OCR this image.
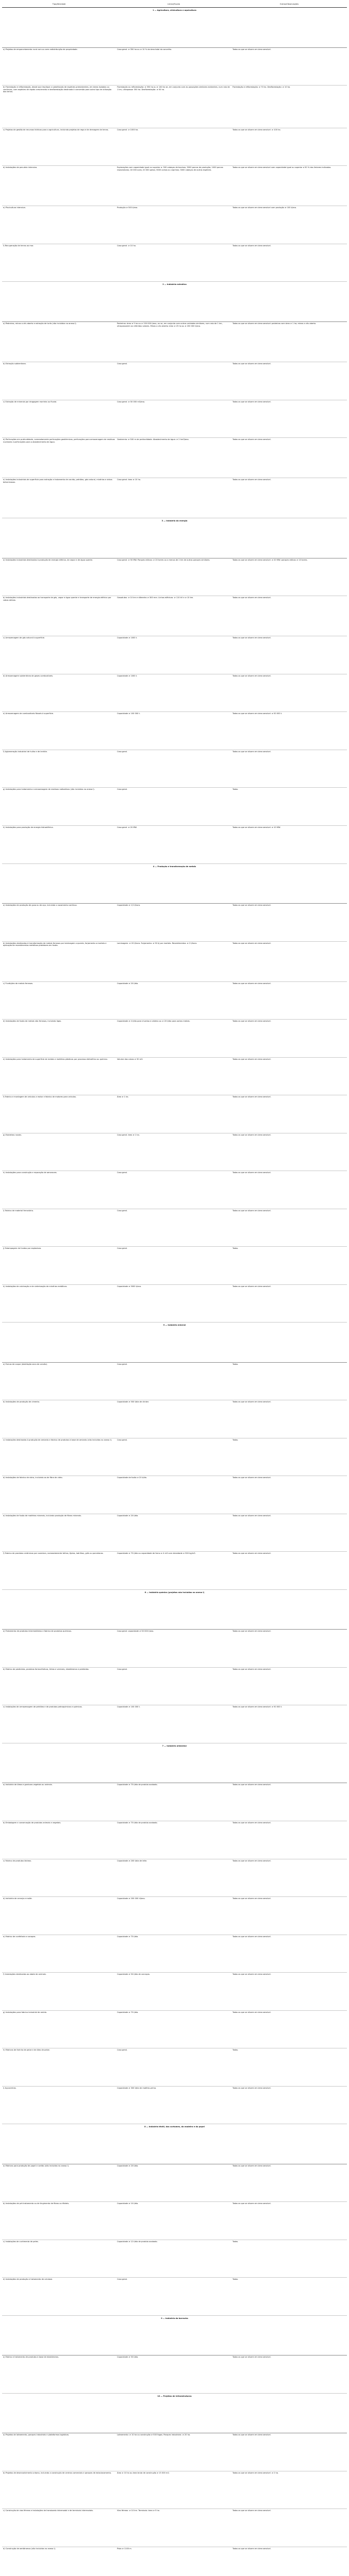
Tipo/Atividade	Limiar/Escala	Outras/Observações
1 — Agricultura, silvicultura e aquicultura		
a) Projetos de emparcelamento rural com ou sem redistribuição de propriedade.	Caso geral: ≥ 350 ha ou ≥ 10 % da área total do concelho.	Todos os que se situem em área sensível.
b) Florestação e reflorestação, desde que implique a substituição de espécies preexistentes, em áreas isoladas ou contínuas, com espécies de rápido crescimento e desflorestação destinada à conversão para outro tipo de utilização das terras.	Florestação ou reflorestação: ≥ 350 ha ou ≥ 140 ha se, em conjunto com as povoações similares existentes, num raio de 1 km, ultrapassar 350 ha. Desflorestação: ≥ 50 ha.	Florestação e reflorestação: ≥ 70 ha. Desflorestação: ≥ 10 ha.
c) Projetos de gestão de recursos hídricos para a agricultura, incluindo projetos de rega e de drenagem de terras.	Caso geral: ≥ 1000 ha.	Todos os que se situem em área sensível: ≥ 100 ha.
d) Instalações de pecuária intensiva.	Explorações com capacidade igual ou superior a: 500 cabeças de bovinos; 3000 porcos de produção; 1000 porcas reprodutoras; 40 000 aves; 20 000 patos; 3000 ovinos ou caprinos; 3000 cabeças de outras espécies.	Todos os que se situem em área sensível com capacidade igual ou superior a 50 % dos limiares indicados.
e) Piscicultura intensiva.	Produção ≥ 500 t/ano.	Todas as que se situem em área sensível com produção ≥ 100 t/ano.
f) Recuperação de terras ao mar.	Caso geral: ≥ 10 ha.	Todos os que se situem em área sensível.
2 — Indústria extrativa		
a) Pedreiras, minas a céu aberto e extração de turfa (não incluídos no anexo I).	Pedreiras: área ≥ 5 ha ou ≥ 150 000 t/ano, ou se, em conjunto com outras unidades similares, num raio de 1 km, ultrapassarem os referidos valores. Minas a céu aberto: área ≥ 25 ha ou ≥ 200 000 t/ano.	Todas as que se situem em área sensível: pedreiras com área ≥ 1 ha; minas a céu aberto.
b) Extração subterrânea.	Caso geral.	Todas as que se situem em área sensível.
c) Extração de minerais por dragagem marinha ou fluvial.	Caso geral: ≥ 50 000 m3/ano.	Todos os que se situem em área sensível.
d) Perfurações em profundidade, nomeadamente perfurações geotérmicas, perfurações para armazenagem de resíduos nucleares e perfurações para o abastecimento de água.	Geotermia: ≥ 500 m de profundidade. Abastecimento de água: ≥ 2 hm3/ano.	Todas as que se situem em área sensível.
e) Instalações industriais de superfície para extração e tratamento de carvão, petróleo, gás natural, minérios e xistos betuminosos.	Caso geral: área ≥ 10 ha.	Todas as que se situem em área sensível.
3 — Indústria da energia		
a) Instalações industriais destinadas à produção de energia elétrica, de vapor e de água quente.	Caso geral: ≥ 50 MW. Parques eólicos: ≥ 20 torres ou a menos de 2 km de outros parques similares.	Todas as que se situem em área sensível: ≥ 20 MW; parques eólicos ≥ 10 torres.
b) Instalações industriais destinadas ao transporte de gás, vapor e água quente e transporte de energia elétrica por cabos aéreos.	Gasodutos: ≥ 10 km e diâmetro ≥ 300 mm. Linhas elétricas: ≥ 110 kV e ≥ 10 km.	Todas as que se situem em área sensível.
c) Armazenagem de gás natural à superfície.	Capacidade ≥ 1000 t.	Todos os que se situem em área sensível.
d) Armazenagem subterrânea de gases combustíveis.	Capacidade ≥ 1000 t.	Todos os que se situem em área sensível.
e) Armazenagem de combustíveis fósseis à superfície.	Capacidade ≥ 100 000 t.	Todos os que se situem em área sensível: ≥ 50 000 t.
f) Aglomeração industrial de hulha e de lenhite.	Caso geral.	Todos os que se situem em área sensível.
g) Instalações para tratamento e armazenagem de resíduos radioativos (não incluídas no anexo I).	Caso geral.	Todas.
h) Instalações para produção de energia hidroelétrica.	Caso geral: ≥ 20 MW.	Todas as que se situem em área sensível: ≥ 10 MW.
4 — Produção e transformação de metais		
a) Instalações de produção de gusa ou de aço, incluindo o vazamento contínuo.	Capacidade ≥ 2,5 t/hora.	Todas as que se situem em área sensível.
b) Instalações destinadas à transformação de metais ferrosos por laminagem a quente, forjamento a martelo e aplicação de revestimentos metálicos protetores em fusão.	Laminagem: ≥ 20 t/hora. Forjamento: ≥ 50 kJ por martelo. Revestimentos: ≥ 2 t/hora.	Todas as que se situem em área sensível.
c) Fundições de metais ferrosos.	Capacidade ≥ 20 t/dia.	Todas as que se situem em área sensível.
d) Instalações de fusão de metais não ferrosos, incluindo ligas.	Capacidade ≥ 4 t/dia para chumbo e cádmio ou ≥ 20 t/dia para outros metais.	Todas as que se situem em área sensível.
e) Instalações para tratamento de superfície de metais e matérias plásticas por processo eletrolítico ou químico.	Volume das cubas ≥ 30 m3.	Todas as que se situem em área sensível.
f) Fabrico e montagem de veículos a motor e fabrico de motores para veículos.	Área ≥ 1 ha.	Todos os que se situem em área sensível.
g) Estaleiros navais.	Caso geral: área ≥ 1 ha.	Todos os que se situem em área sensível.
h) Instalações para construção e reparação de aeronaves.	Caso geral.	Todas as que se situem em área sensível.
i) Fabrico de material ferroviário.	Caso geral.	Todos os que se situem em área sensível.
j) Estampagem de fundos por explosivos.	Caso geral.	Todos.
k) Instalações de calcinação e de sinterização de minérios metálicos.	Capacidade ≥ 5000 t/ano.	Todas as que se situem em área sensível.
5 — Indústria mineral		
a) Fornos de coque (destilação seca de carvão).	Caso geral.	Todos.
b) Instalações de produção de cimento.	Capacidade ≥ 500 t/dia de clinker.	Todas as que se situem em área sensível.
c) Instalações destinadas à produção de amianto e fabrico de produtos à base de amianto (não incluídas no anexo I).	Caso geral.	Todas.
d) Instalações de fabrico de vidro, incluindo as de fibra de vidro.	Capacidade de fusão ≥ 20 t/dia.	Todas as que se situem em área sensível.
e) Instalações de fusão de matérias minerais, incluindo produção de fibras minerais.	Capacidade ≥ 20 t/dia.	Todas as que se situem em área sensível.
f) Fabrico de produtos cerâmicos por cozedura, nomeadamente telhas, tijolos, ladrilhos, grés ou porcelanas.	Capacidade ≥ 75 t/dia ou capacidade de forno ≥ 4 m3 com densidade ≥ 300 kg/m3.	Todas as que se situem em área sensível.
6 — Indústria química (projetos não incluídos no anexo I)		
a) Tratamento de produtos intermediários e fabrico de produtos químicos.	Caso geral: capacidade ≥ 50 000 t/ano.	Todas as que se situem em área sensível.
b) Fabrico de pesticidas, produtos farmacêuticos, tintas e vernizes, elastómeros e peróxidos.	Caso geral.	Todos os que se situem em área sensível.
c) Instalações de armazenagem de petróleo e de produtos petroquímicos e químicos.	Capacidade ≥ 100 000 t.	Todas as que se situem em área sensível: ≥ 50 000 t.
7 — Indústria alimentar		
a) Indústria de óleos e gorduras vegetais ou animais.	Capacidade ≥ 75 t/dia de produto acabado.	Todas as que se situem em área sensível.
b) Embalagem e conservação de produtos animais e vegetais.	Capacidade ≥ 75 t/dia de produto acabado.	Todas as que se situem em área sensível.
c) Fabrico de produtos lácteos.	Capacidade ≥ 200 t/dia de leite.	Todas as que se situem em área sensível.
d) Indústria de cerveja e malte.	Capacidade ≥ 200 000 hl/ano.	Todas as que se situem em área sensível.
e) Fabrico de confeitaria e xaropes.	Capacidade ≥ 75 t/dia.	Todas as que se situem em área sensível.
f) Instalações destinadas ao abate de animais.	Capacidade ≥ 50 t/dia de carcaças.	Todas as que se situem em área sensível.
g) Instalações para fabrico industrial de amido.	Capacidade ≥ 75 t/dia.	Todas as que se situem em área sensível.
h) Fábricas de farinha de peixe e de óleo de peixe.	Caso geral.	Todas.
i) Açucareiras.	Capacidade ≥ 300 t/dia de matéria-prima.	Todas as que se situem em área sensível.
8 — Indústria têxtil, dos curtumes, da madeira e do papel		
a) Fábricas para produção de papel e cartão (não incluídas no anexo I).	Capacidade ≥ 20 t/dia.	Todas as que se situem em área sensível.
b) Instalações de pré-tratamento ou de tingimento de fibras ou têxteis.	Capacidade ≥ 10 t/dia.	Todas as que se situem em área sensível.
c) Instalações de curtimenta de peles.	Capacidade ≥ 12 t/dia de produto acabado.	Todas.
d) Instalações de produção e tratamento de celulose.	Caso geral.	Todas.
9 — Indústria da borracha		
a) Fabrico e tratamento de produtos à base de elastómeros.	Capacidade ≥ 50 t/dia.	Todos os que se situem em área sensível.
10 — Projetos de infraestruturas		
a) Projetos de loteamento, parques industriais e plataformas logísticas.	Loteamento: ≥ 10 ha ou construção ≥ 500 fogos. Parques industriais: ≥ 20 ha.	Todos os que se situem em área sensível.
b) Projetos de desenvolvimento urbano, incluindo a construção de centros comerciais e parques de estacionamento.	Área ≥ 10 ha ou área bruta de construção ≥ 15 000 m2.	Todos os que se situem em área sensível: ≥ 2 ha.
c) Construção de vias férreas e instalações de transbordo intermodal e de terminais intermodais.	Vias férreas: ≥ 10 km. Terminais: área ≥ 5 ha.	Todos os que se situem em área sensível.
d) Construção de aeródromos (não incluídos no anexo I).	Pista ≥ 1100 m.	Todos os que se situem em área sensível.
